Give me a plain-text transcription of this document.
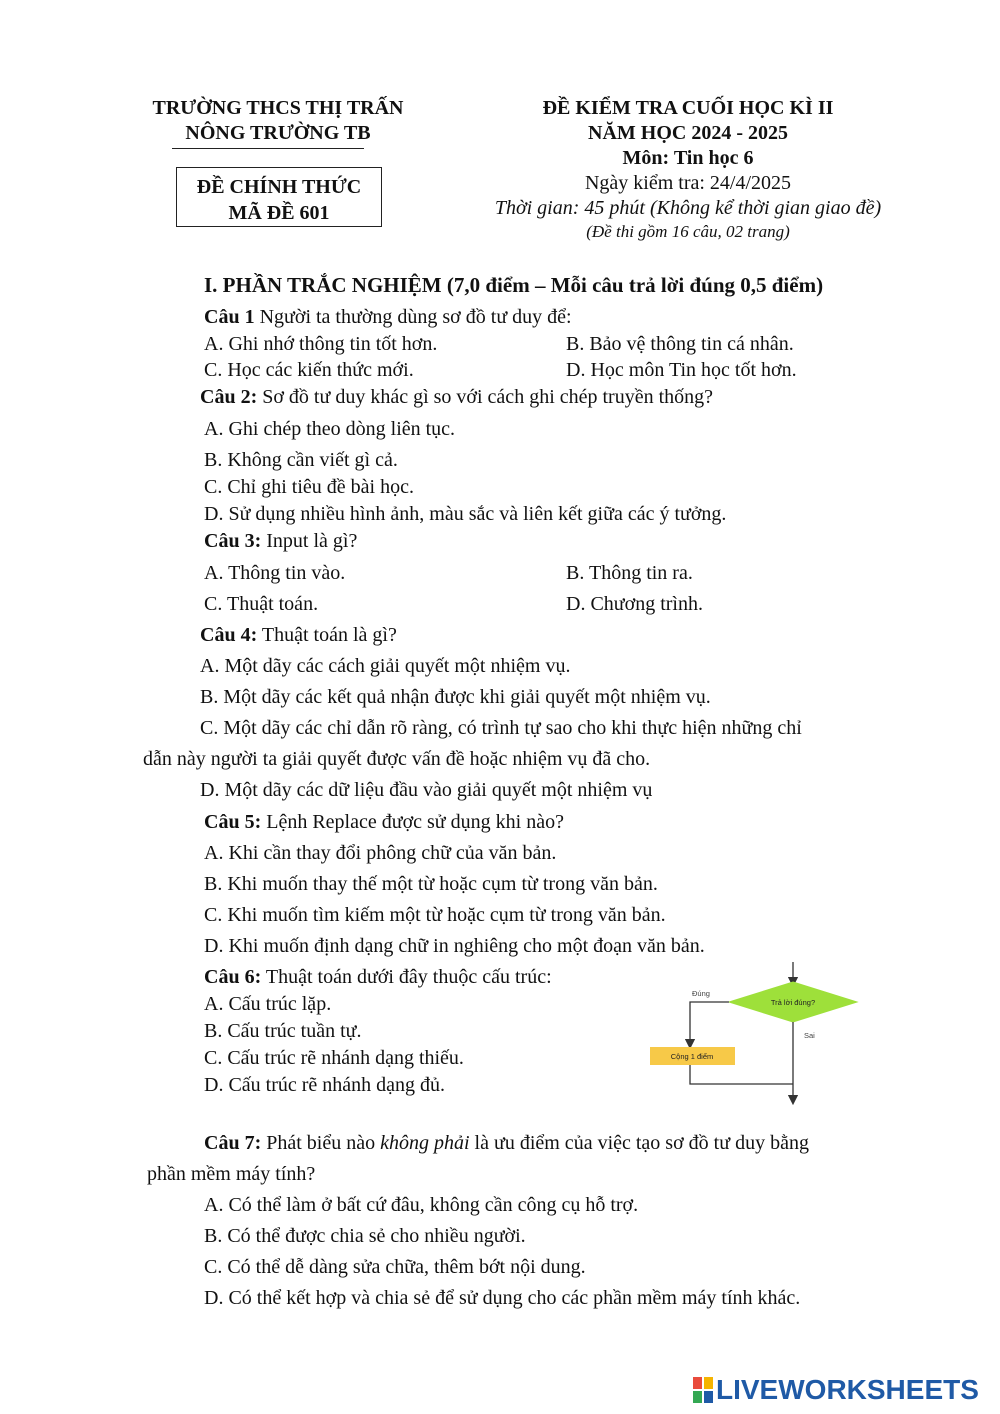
TRƯỜNG THCS THỊ TRẤN
NÔNG TRƯỜNG TB
ĐỀ CHÍNH THỨC
MÃ ĐỀ 601
ĐỀ KIỂM TRA CUỐI HỌC KÌ II
NĂM HỌC 2024 - 2025
Môn: Tin học 6
Ngày kiểm tra: 24/4/2025
Thời gian: 45 phút (Không kể thời gian giao đề)
(Đề thi gồm 16 câu, 02 trang)
I. PHẦN TRẮC NGHIỆM (7,0 điểm – Mỗi câu trả lời đúng 0,5 điểm)
Câu 1 Người ta thường dùng sơ đồ tư duy để:
A. Ghi nhớ thông tin tốt hơn.	B. Bảo vệ thông tin cá nhân.
C. Học các kiến thức mới.	D. Học môn Tin học tốt hơn.
Câu 2: Sơ đồ tư duy khác gì so với cách ghi chép truyền thống?
A. Ghi chép theo dòng liên tục.
B. Không cần viết gì cả.
C. Chỉ ghi tiêu đề bài học.
D. Sử dụng nhiều hình ảnh, màu sắc và liên kết giữa các ý tưởng.
Câu 3: Input là gì?
A. Thông tin vào.	B. Thông tin ra.
C. Thuật toán.	D. Chương trình.
Câu 4: Thuật toán là gì?
A. Một dãy các cách giải quyết một nhiệm vụ.
B. Một dãy các kết quả nhận được khi giải quyết một nhiệm vụ.
C. Một dãy các chỉ dẫn rõ ràng, có trình tự sao cho khi thực hiện những chỉ
dẫn này người ta giải quyết được vấn đề hoặc nhiệm vụ đã cho.
D. Một dãy các dữ liệu đầu vào giải quyết một nhiệm vụ
Câu 5: Lệnh Replace được sử dụng khi nào?
A. Khi cần thay đổi phông chữ của văn bản.
B. Khi muốn thay thế một từ hoặc cụm từ trong văn bản.
C. Khi muốn tìm kiếm một từ hoặc cụm từ trong văn bản.
D. Khi muốn định dạng chữ in nghiêng cho một đoạn văn bản.
Câu 6: Thuật toán dưới đây thuộc cấu trúc:
A. Cấu trúc lặp.
B. Cấu trúc tuần tự.
C. Cấu trúc rẽ nhánh dạng thiếu.
D. Cấu trúc rẽ nhánh dạng đủ.
Trả lời đúng?
Đúng
Cộng 1 điểm
Sai
Câu 7: Phát biểu nào không phải là ưu điểm của việc tạo sơ đồ tư duy bằng
phần mềm máy tính?
A. Có thể làm ở bất cứ đâu, không cần công cụ hỗ trợ.
B. Có thể được chia sẻ cho nhiều người.
C. Có thể dễ dàng sửa chữa, thêm bớt nội dung.
D. Có thể kết hợp và chia sẻ để sử dụng cho các phần mềm máy tính khác.
LIVEWORKSHEETS
